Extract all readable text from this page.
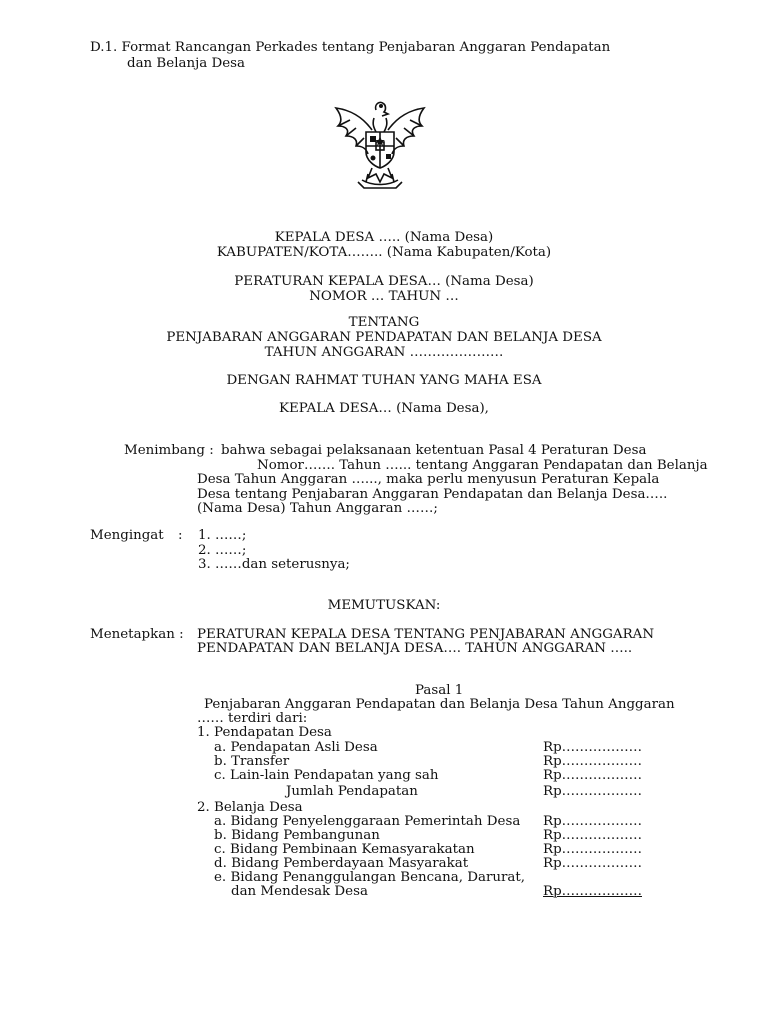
D.1. Format Rancangan Perkades tentang Penjabaran Anggaran Pendapatan
dan Belanja Desa
KEPALA DESA ….. (Nama Desa)
KABUPATEN/KOTA…….. (Nama Kabupaten/Kota)
PERATURAN KEPALA DESA… (Nama Desa)
NOMOR … TAHUN …
TENTANG
PENJABARAN ANGGARAN PENDAPATAN DAN BELANJA DESA
TAHUN ANGGARAN …………………
DENGAN RAHMAT TUHAN YANG MAHA ESA
KEPALA DESA… (Nama Desa),
Menimbang : bahwa sebagai pelaksanaan ketentuan Pasal 4 Peraturan Desa
Nomor……. Tahun …... tentang Anggaran Pendapatan dan Belanja
Desa Tahun Anggaran …..., maka perlu menyusun Peraturan Kepala
Desa tentang Penjabaran Anggaran Pendapatan dan Belanja Desa…..
(Nama Desa) Tahun Anggaran ……;
Mengingat : 1. ……;
2. ……;
3. ……dan seterusnya;
MEMUTUSKAN:
Menetapkan : PERATURAN KEPALA DESA TENTANG PENJABARAN ANGGARAN
PENDAPATAN DAN BELANJA DESA…. TAHUN ANGGARAN …..
Pasal 1
Penjabaran Anggaran Pendapatan dan Belanja Desa Tahun Anggaran
…… terdiri dari:
1. Pendapatan Desa
a. Pendapatan Asli Desa	Rp………………
b. Transfer	Rp………………
c. Lain-lain Pendapatan yang sah	Rp………………
Jumlah Pendapatan	Rp………………
2. Belanja Desa
a. Bidang Penyelenggaraan Pemerintah Desa Rp………………
b. Bidang Pembangunan	Rp………………
c. Bidang Pembinaan Kemasyarakatan	Rp………………
d. Bidang Pemberdayaan Masyarakat	Rp………………
e. Bidang Penanggulangan Bencana, Darurat,
dan Mendesak Desa	Rp………………
